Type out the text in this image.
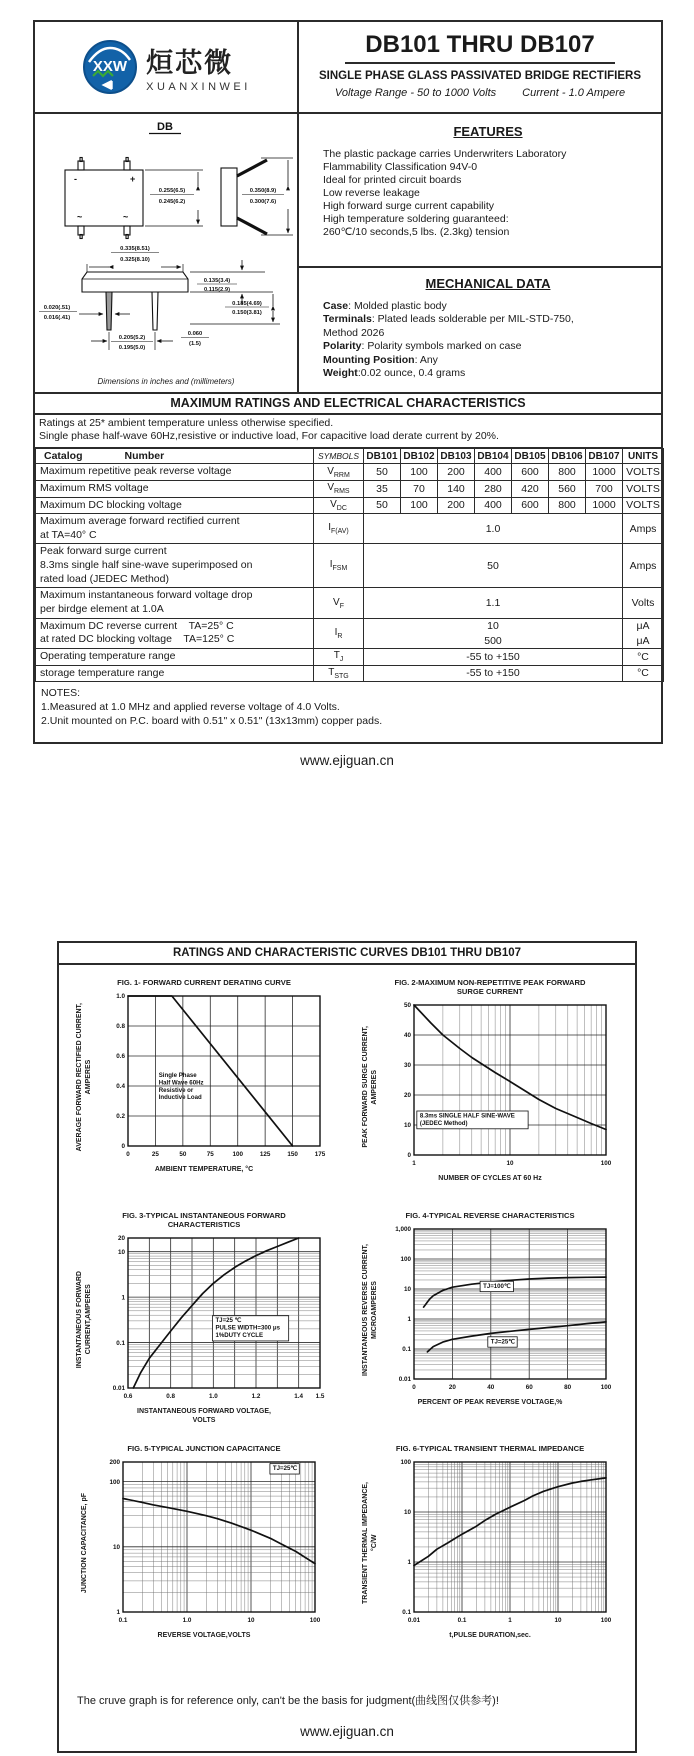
XXW 烜芯微
XUANXINWEI
DB101 THRU DB107

SINGLE PHASE GLASS PASSIVATED BRIDGE RECTIFIERS
Voltage Range - 50 to 1000 Volts Current - 1.0 Ampere
DB
-	+
~	~
0.255(6.5)
0.245(6.2)
0.350(8.9)
0.300(7.6)
0.335(8.51)
0.325(8.10)
0.135(3.4)
0.115(2.9)
0.185(4.69)
0.150(3.81)
0.020(.51)
0.016(.41)
0.205(5.2)
0.195(5.0)
0.060
(1.5)
Dimensions in inches and (millimeters)
FEATURES
The plastic package carries Underwriters Laboratory
Flammability Classification 94V-0
Ideal for printed circuit boards
Low reverse leakage
High forward surge current capability
High temperature soldering guaranteed:
260℃/10 seconds,5 lbs. (2.3kg) tension
MECHANICAL DATA
Case: Molded plastic body
Terminals: Plated leads solderable per MIL-STD-750,
Method 2026
Polarity: Polarity symbols marked on case
Mounting Position: Any
Weight:0.02 ounce, 0.4 grams
MAXIMUM RATINGS AND ELECTRICAL CHARACTERISTICS
Ratings at 25* ambient temperature unless otherwise specified.
Single phase half-wave 60Hz,resistive or inductive load, For capacitive load derate current by 20%.
Catalog Number	SYMBOLS	DB101	DB102	DB103	DB104	DB105	DB106	DB107	UNITS

Maximum repetitive peak reverse voltage	$V_{RRM}$	50	100	200	400	600	800	1000	VOLTS

Maximum RMS voltage	$V_{RMS}$	35	70	140	280	420	560	700	VOLTS

Maximum DC blocking voltage	$V_{DC}$	50	100	200	400	600	800	1000	VOLTS

Maximum average forward rectified current
at TA=40° C	$I_{F(AV)}$	1.0							Amps

Peak forward surge current
8.3ms single half sine-wave superimposed on
rated load (JEDEC Method)	$I_{FSM}$	50							Amps

Maximum instantaneous forward voltage drop
per birdge element at 1.0A	$V_F$	1.1							Volts

Maximum DC reverse current    TA=25° C
at rated DC blocking voltage    TA=125° C	$I_R$	10							μA
		500							μA

Operating temperature range	$T_J$	-55 to +150							°C

storage temperature range	$T_{STG}$	-55 to +150							°C
NOTES:
1.Measured at 1.0 MHz and applied reverse voltage of 4.0 Volts.
2.Unit mounted on P.C. board with 0.51" x 0.51" (13x13mm) copper pads.
www.ejiguan.cn
RATINGS AND CHARACTERISTIC CURVES DB101 THRU DB107
FIG. 1- FORWARD CURRENT DERATING CURVE
AVERAGE FORWARD RECTIFIED CURRENT, AMPERES
0	25	50	75	100	125	150	175
0
0.2
0.4
0.6
0.8
1.0
Single Phase
Half Wave 60Hz
Resistive or
Inductive Load
AMBIENT TEMPERATURE, °C
FIG. 2-MAXIMUM NON-REPETITIVE PEAK FORWARD
SURGE CURRENT
PEAK FORWARD SURGE CURRENT, AMPERES
1	10	100
0
10
20
30
40
50
8.3ms SINGLE HALF SINE-WAVE
(JEDEC Method)
NUMBER OF CYCLES AT 60 Hz
FIG. 3-TYPICAL INSTANTANEOUS FORWARD
CHARACTERISTICS
INSTANTANEOUS FORWARD CURRENT,AMPERES
0.6	0.8	1.0	1.2	1.4 1.5
0.01
0.1
1
10
20
TJ=25 ℃
PULSE WIDTH=300 μs
1%DUTY CYCLE
INSTANTANEOUS FORWARD VOLTAGE,
VOLTS
FIG. 4-TYPICAL REVERSE CHARACTERISTICS
INSTANTANEOUS REVERSE CURRENT, MICROAMPERES
0	20	40	60	80	100
0.01
0.1
1
10
100
1,000
TJ=100℃
TJ=25℃
PERCENT OF PEAK REVERSE VOLTAGE,%
FIG. 5-TYPICAL JUNCTION CAPACITANCE
JUNCTION CAPACITANCE, pF
0.1	1.0	10	100
1
10
100
200
TJ=25℃
REVERSE VOLTAGE,VOLTS
FIG. 6-TYPICAL TRANSIENT THERMAL IMPEDANCE
TRANSIENT THERMAL IMPEDANCE, °C/W
0.01	0.1	1	10	100
0.1
1
10
100
t,PULSE DURATION,sec.
The cruve graph is for reference only, can't be the basis for judgment(曲线图仅供参考)!
www.ejiguan.cn
